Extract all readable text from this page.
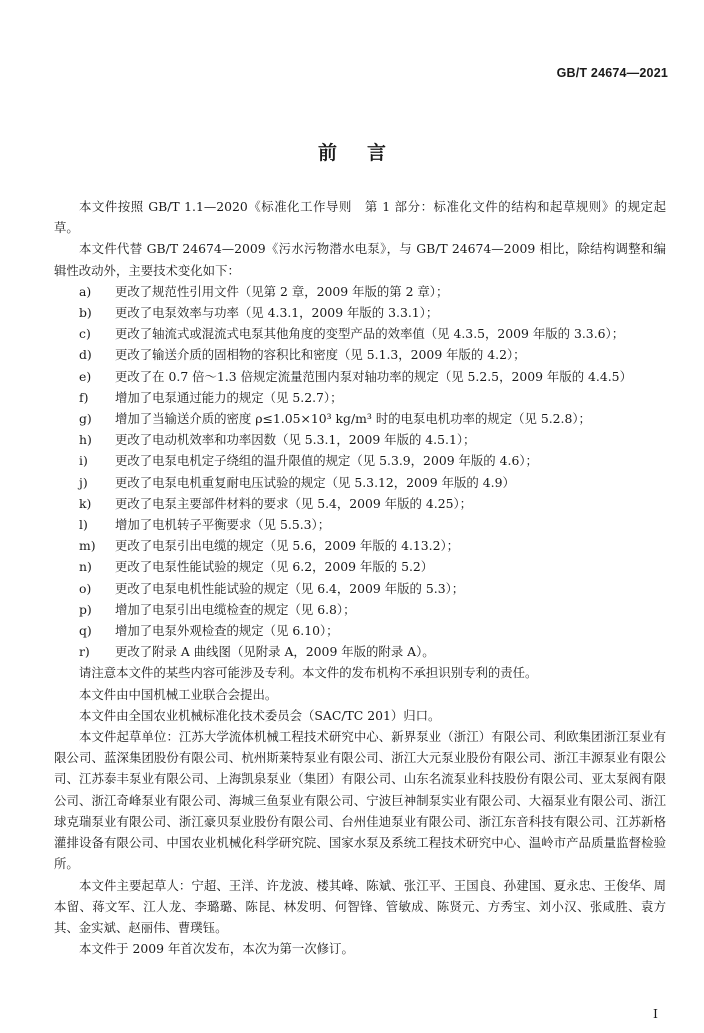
GB/T 24674—2021
前言

本文件按照 GB/T 1.1—2020《标准化工作导则　第 1 部分：标准化文件的结构和起草规则》的规定起草。

本文件代替 GB/T 24674—2009《污水污物潜水电泵》，与 GB/T 24674—2009 相比，除结构调整和编辑性改动外，主要技术变化如下：

a)	更改了规范性引用文件（见第 2 章，2009 年版的第 2 章）；
b)	更改了电泵效率与功率（见 4.3.1，2009 年版的 3.3.1）；
c)	更改了轴流式或混流式电泵其他角度的变型产品的效率值（见 4.3.5，2009 年版的 3.3.6）；
d)	更改了输送介质的固相物的容积比和密度（见 5.1.3，2009 年版的 4.2）；
e)	更改了在 0.7 倍～1.3 倍规定流量范围内泵对轴功率的规定（见 5.2.5，2009 年版的 4.4.5）
f)	增加了电泵通过能力的规定（见 5.2.7）；
g)	增加了当输送介质的密度 ρ≤1.05×10³ kg/m³ 时的电泵电机功率的规定（见 5.2.8）；
h)	更改了电动机效率和功率因数（见 5.3.1，2009 年版的 4.5.1）；
i)	更改了电泵电机定子绕组的温升限值的规定（见 5.3.9，2009 年版的 4.6）；
j)	更改了电泵电机重复耐电压试验的规定（见 5.3.12，2009 年版的 4.9）
k)	更改了电泵主要部件材料的要求（见 5.4，2009 年版的 4.25）；
l)	增加了电机转子平衡要求（见 5.5.3）；
m)	更改了电泵引出电缆的规定（见 5.6，2009 年版的 4.13.2）；
n)	更改了电泵性能试验的规定（见 6.2，2009 年版的 5.2）
o)	更改了电泵电机性能试验的规定（见 6.4，2009 年版的 5.3）；
p)	增加了电泵引出电缆检查的规定（见 6.8）；
q)	增加了电泵外观检查的规定（见 6.10）；
r)	更改了附录 A 曲线图（见附录 A，2009 年版的附录 A）。

请注意本文件的某些内容可能涉及专利。本文件的发布机构不承担识别专利的责任。

本文件由中国机械工业联合会提出。

本文件由全国农业机械标准化技术委员会（SAC/TC 201）归口。

本文件起草单位：江苏大学流体机械工程技术研究中心、新界泵业（浙江）有限公司、利欧集团浙江泵业有限公司、蓝深集团股份有限公司、杭州斯莱特泵业有限公司、浙江大元泵业股份有限公司、浙江丰源泵业有限公司、江苏泰丰泵业有限公司、上海凯泉泵业（集团）有限公司、山东名流泵业科技股份有限公司、亚太泵阀有限公司、浙江奇峰泵业有限公司、海城三鱼泵业有限公司、宁波巨神制泵实业有限公司、大福泵业有限公司、浙江球克瑞泵业有限公司、浙江豪贝泵业股份有限公司、台州佳迪泵业有限公司、浙江东音科技有限公司、江苏新格灌排设备有限公司、中国农业机械化科学研究院、国家水泵及系统工程技术研究中心、温岭市产品质量监督检验所。

本文件主要起草人：宁超、王洋、许龙波、楼其峰、陈斌、张江平、王国良、孙建国、夏永忠、王俊华、周本留、蒋文军、江人龙、李璐璐、陈昆、林发明、何智锋、管敏成、陈贤元、方秀宝、刘小汉、张咸胜、袁方其、金实斌、赵丽伟、曹璞钰。

本文件于 2009 年首次发布，本次为第一次修订。

I
